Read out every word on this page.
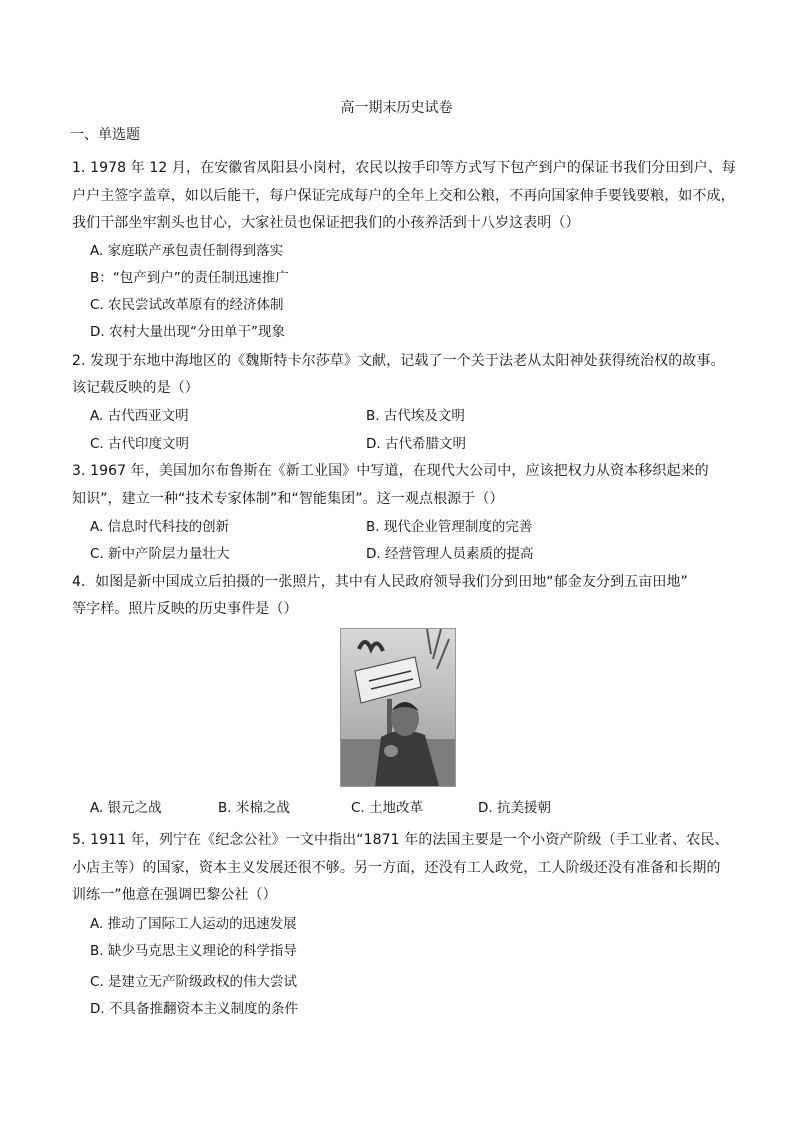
高一期末历史试卷
一、单选题
1. 1978 年 12 月，在安徽省凤阳县小岗村，农民以按手印等方式写下包产到户的保证书我们分田到户、每
户户主签字盖章，如以后能干，每户保证完成每户的全年上交和公粮，不再向国家伸手要钱要粮，如不成，
我们干部坐牢割头也甘心，大家社员也保证把我们的小孩养活到十八岁这表明（）
A. 家庭联产承包责任制得到落实
B：“包产到户”的责任制迅速推广
C. 农民尝试改革原有的经济体制
D. 农村大量出现“分田单干”现象
2. 发现于东地中海地区的《魏斯特卡尔莎草》文献，记载了一个关于法老从太阳神处获得统治权的故事。
该记载反映的是（）
A. 古代西亚文明	B. 古代埃及文明
C. 古代印度文明	D. 古代希腊文明
3. 1967 年，美国加尔布鲁斯在《新工业国》中写道，在现代大公司中，应该把权力从资本移织起来的
知识”，建立一种“技术专家体制”和“智能集团”。这一观点根源于（）
A. 信息时代科技的创新	B. 现代企业管理制度的完善
C. 新中产阶层力量壮大	D. 经营管理人员素质的提高
4．如图是新中国成立后拍摄的一张照片，其中有人民政府领导我们分到田地“郁金友分到五亩田地”
等字样。照片反映的历史事件是（）
A. 银元之战	B. 米棉之战	C. 土地改革	D. 抗美援朝
5. 1911 年，列宁在《纪念公社》一文中指出“1871 年的法国主要是一个小资产阶级（手工业者、农民、
小店主等）的国家，资本主义发展还很不够。另一方面，还没有工人政党，工人阶级还没有准备和长期的
训练一”他意在强调巴黎公社（）
A. 推动了国际工人运动的迅速发展
B. 缺少马克思主义理论的科学指导
C. 是建立无产阶级政权的伟大尝试
D. 不具备推翻资本主义制度的条件
